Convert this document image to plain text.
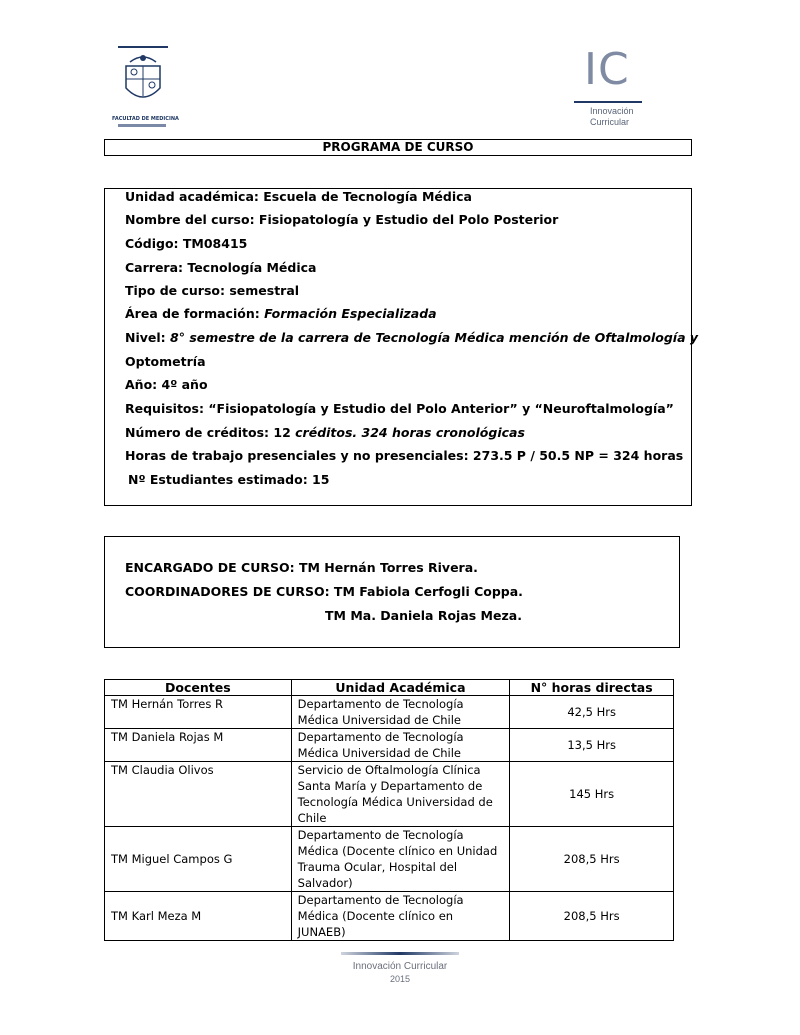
FACULTAD DE MEDICINA
IC
Innovación
Curricular
PROGRAMA DE CURSO
Unidad académica: Escuela de Tecnología Médica
Nombre del curso: Fisiopatología y Estudio del Polo Posterior
Código: TM08415
Carrera: Tecnología Médica
Tipo de curso: semestral
Área de formación: Formación Especializada
Nivel: 8° semestre de la carrera de Tecnología Médica mención de Oftalmología y
Optometría
Año: 4º año
Requisitos: “Fisiopatología y Estudio del Polo Anterior” y “Neuroftalmología”
Número de créditos: 12 créditos. 324 horas cronológicas
Horas de trabajo presenciales y no presenciales: 273.5 P / 50.5 NP = 324 horas
Nº Estudiantes estimado: 15
ENCARGADO DE CURSO: TM Hernán Torres Rivera.
COORDINADORES DE CURSO: TM Fabiola Cerfogli Coppa.
TM Ma. Daniela Rojas Meza.
Docentes	Unidad Académica	N° horas directas
TM Hernán Torres R	Departamento de Tecnología Médica Universidad de Chile	42,5 Hrs
TM Daniela Rojas M	Departamento de Tecnología Médica Universidad de Chile	13,5 Hrs
TM Claudia Olivos	Servicio de Oftalmología Clínica Santa María y Departamento de Tecnología Médica Universidad de Chile	145 Hrs
TM Miguel Campos G	Departamento de Tecnología Médica (Docente clínico en Unidad Trauma Ocular, Hospital del Salvador)	208,5 Hrs
TM Karl Meza M	Departamento de Tecnología Médica (Docente clínico en JUNAEB)	208,5 Hrs
Innovación Curricular
2015
